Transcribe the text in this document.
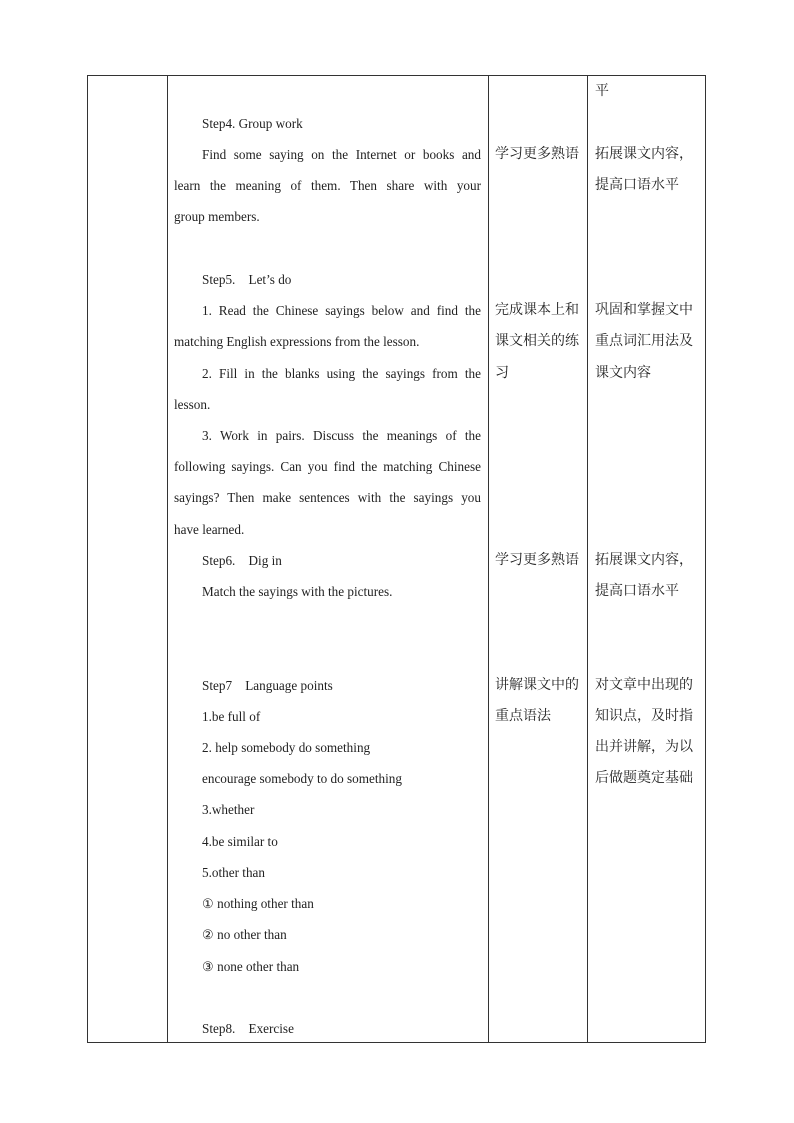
平
Step4. Group work
Find some saying on the Internet or books and
learn the meaning of them. Then share with your
group members.
学习更多熟语 拓展课文内容，
提高口语水平
Step5.    Let’s do
1. Read the Chinese sayings below and find the
matching English expressions from the lesson.
2. Fill in the blanks using the sayings from the
lesson.
3. Work in pairs. Discuss the meanings of the
following sayings. Can you find the matching Chinese
sayings? Then make sentences with the sayings you
have learned.
完成课本上和
课文相关的练
习
巩固和掌握文中
重点词汇用法及
课文内容
Step6.    Dig in
Match the sayings with the pictures.
学习更多熟语 拓展课文内容，
提高口语水平
Step7    Language points
1.be full of
2. help somebody do something
encourage somebody to do something
3.whether
4.be similar to
5.other than
① nothing other than
② no other than
③ none other than
讲解课文中的
重点语法
对文章中出现的
知识点，及时指
出并讲解，为以
后做题奠定基础
Step8.    Exercise
